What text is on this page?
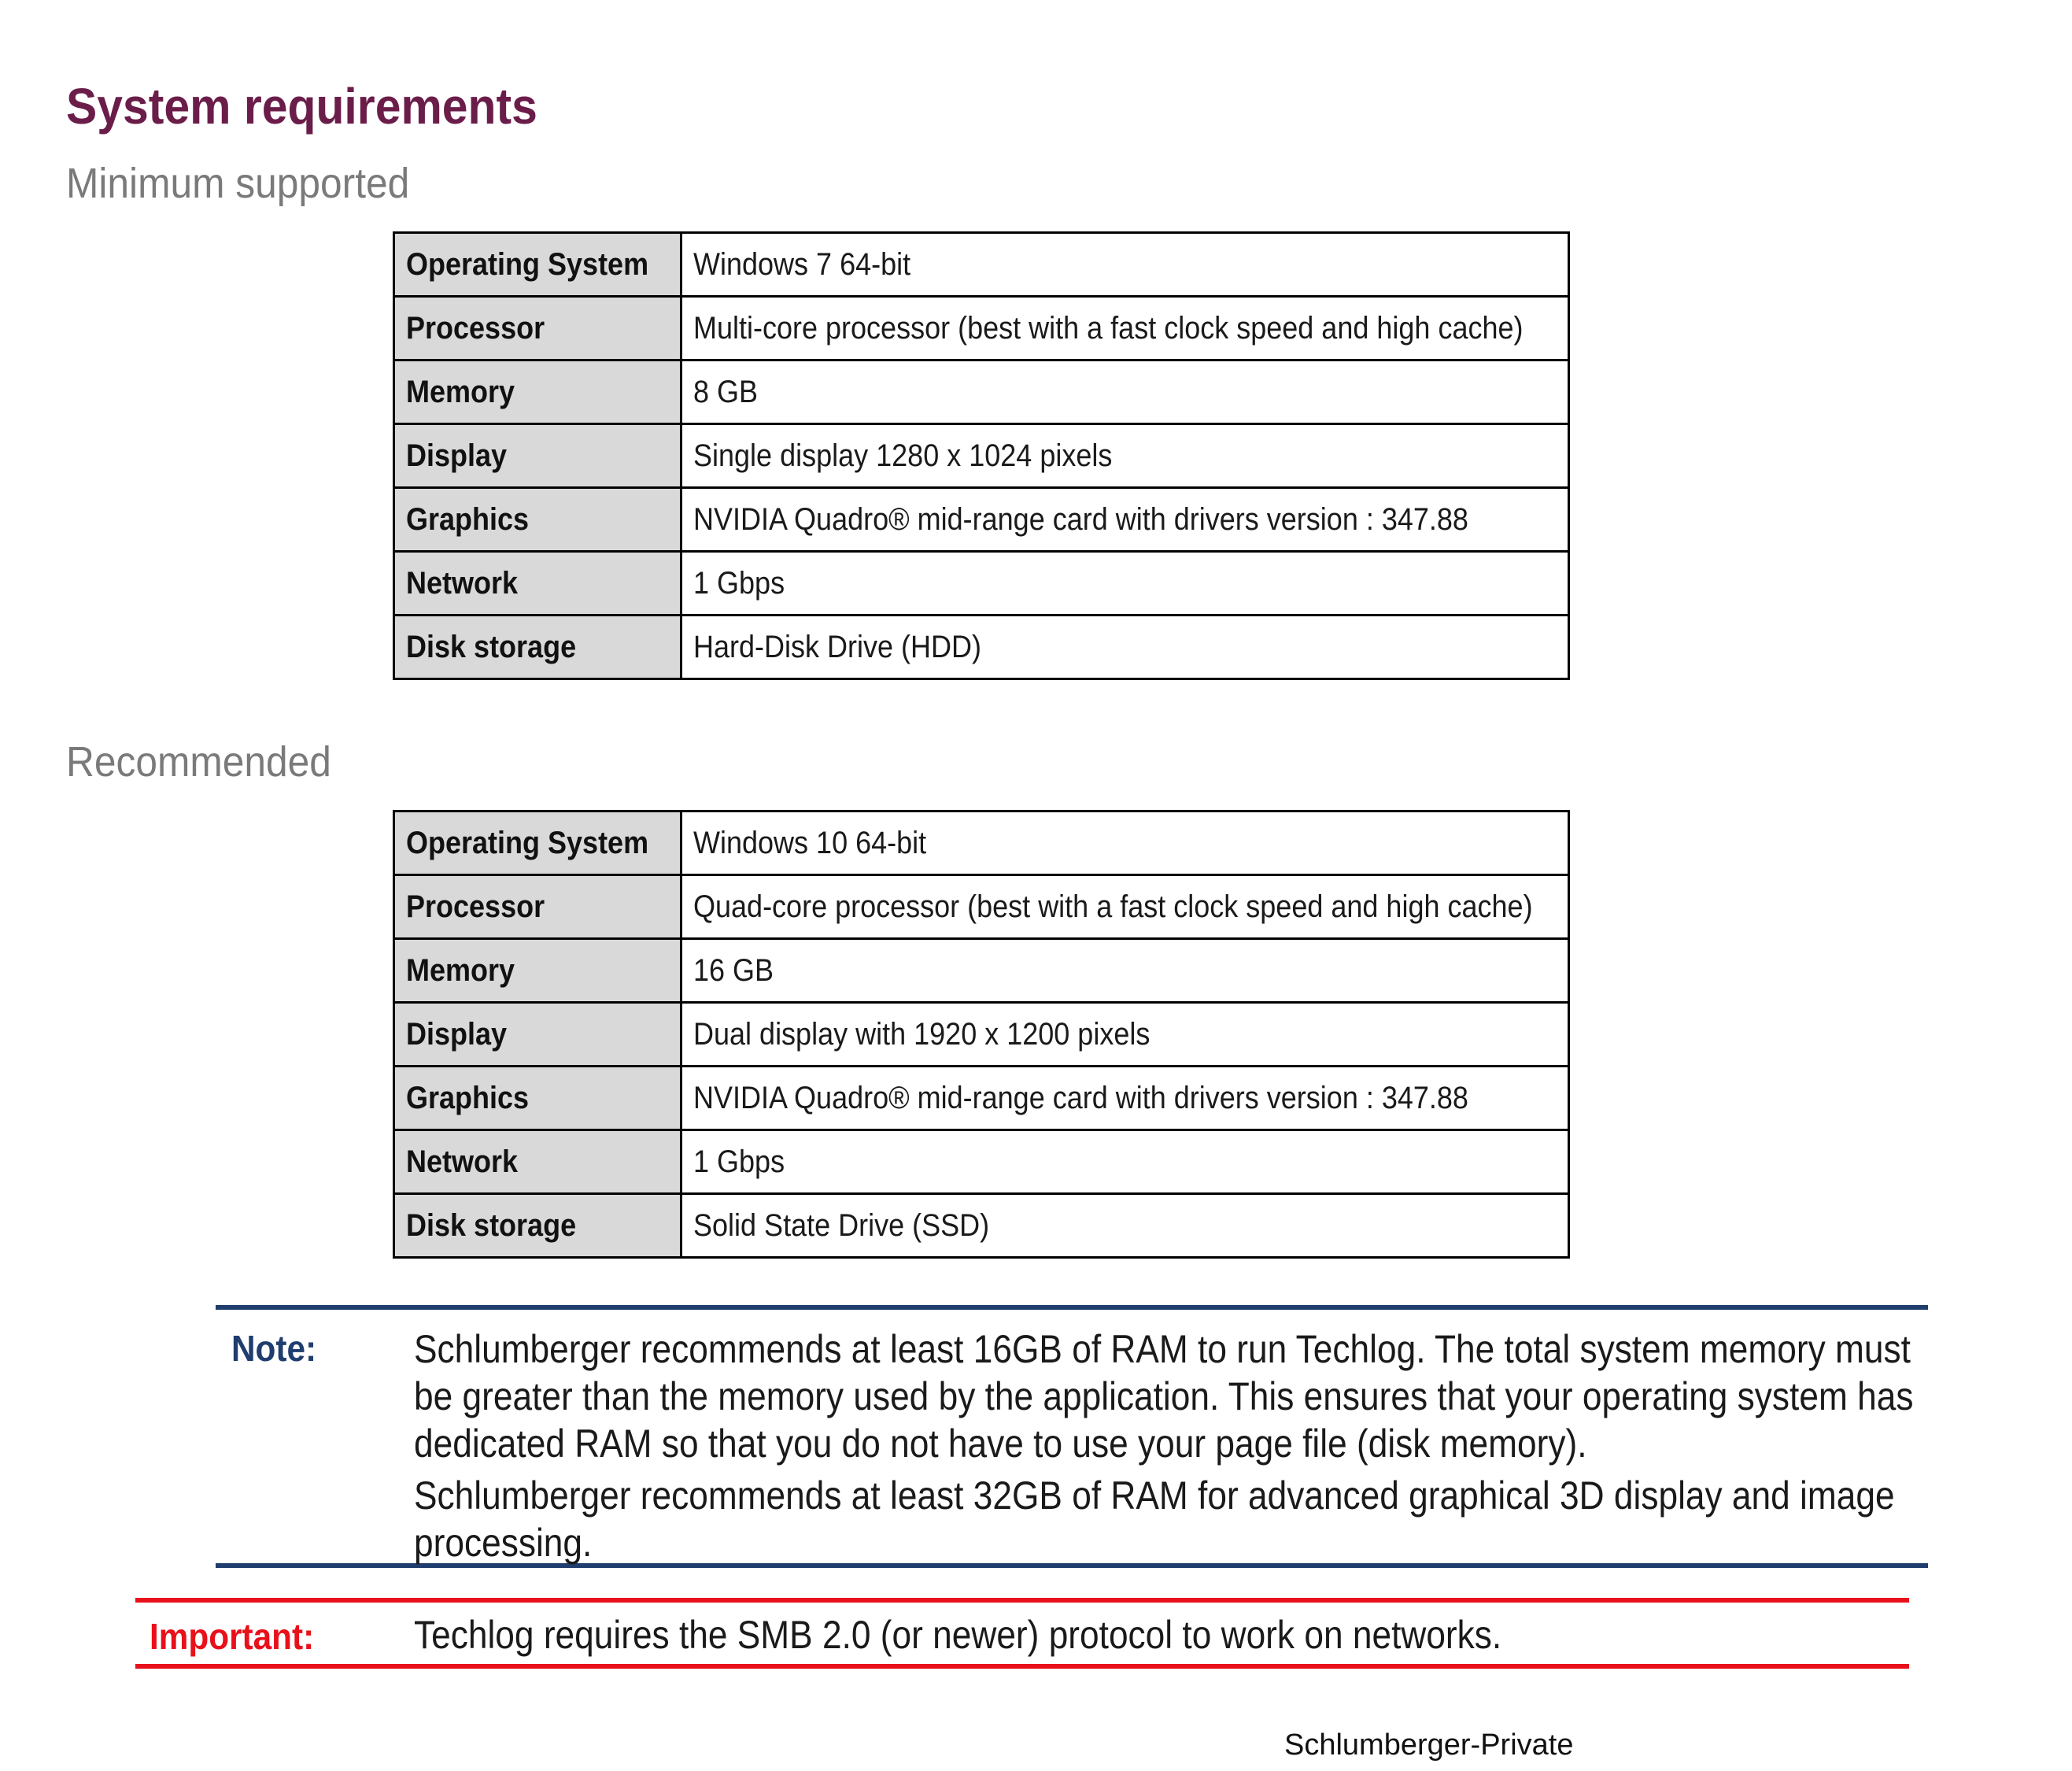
System requirements
Minimum supported
Operating System	Windows 7 64-bit
Processor	Multi-core processor (best with a fast clock speed and high cache)
Memory	8 GB
Display	Single display 1280 x 1024 pixels
Graphics	NVIDIA Quadro® mid-range card with drivers version : 347.88
Network	1 Gbps
Disk storage	Hard-Disk Drive (HDD)
Recommended
Operating System	Windows 10 64-bit
Processor	Quad-core processor (best with a fast clock speed and high cache)
Memory	16 GB
Display	Dual display with 1920 x 1200 pixels
Graphics	NVIDIA Quadro® mid-range card with drivers version : 347.88
Network	1 Gbps
Disk storage	Solid State Drive (SSD)
Note: Schlumberger recommends at least 16GB of RAM to run Techlog. The total system memory must be greater than the memory used by the application. This ensures that your operating system has dedicated RAM so that you do not have to use your page file (disk memory).

Schlumberger recommends at least 32GB of RAM for advanced graphical 3D display and image processing.

Important:	Techlog requires the SMB 2.0 (or newer) protocol to work on networks.
Schlumberger-Private
